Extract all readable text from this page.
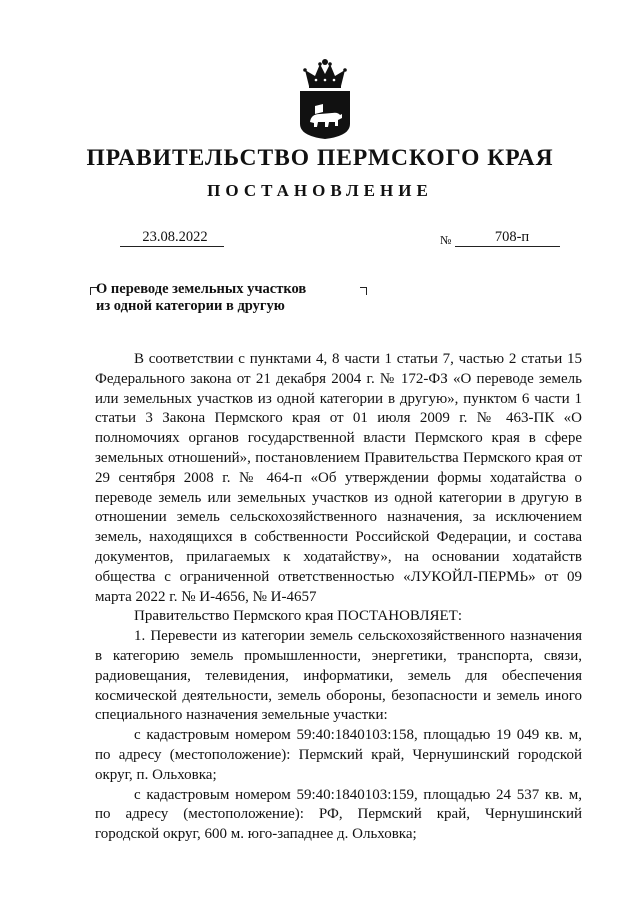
ПРАВИТЕЛЬСТВО ПЕРМСКОГО КРАЯ
ПОСТАНОВЛЕНИЕ
23.08.2022	№	708-п
О переводе земельных участков
из одной категории в другую

В соответствии с пунктами 4, 8 части 1 статьи 7, частью 2 статьи 15 Федерального закона от 21 декабря 2004 г. № 172-ФЗ «О переводе земель или земельных участков из одной категории в другую», пунктом 6 части 1 статьи 3 Закона Пермского края от 01 июля 2009 г. № 463-ПК «О полномочиях органов государственной власти Пермского края в сфере земельных отношений», постановлением Правительства Пермского края от 29 сентября 2008 г. № 464-п «Об утверждении формы ходатайства о переводе земель или земельных участков из одной категории в другую в отношении земель сельскохозяйственного назначения, за исключением земель, находящихся в собственности Российской Федерации, и состава документов, прилагаемых к ходатайству», на основании ходатайств общества с ограниченной ответственностью «ЛУКОЙЛ-ПЕРМЬ» от 09 марта 2022 г. № И-4656, № И-4657

Правительство Пермского края ПОСТАНОВЛЯЕТ:

1. Перевести из категории земель сельскохозяйственного назначения в категорию земель промышленности, энергетики, транспорта, связи, радиовещания, телевидения, информатики, земель для обеспечения космической деятельности, земель обороны, безопасности и земель иного специального назначения земельные участки:

с кадастровым номером 59:40:1840103:158, площадью 19 049 кв. м, по адресу (местоположение): Пермский край, Чернушинский городской округ, п. Ольховка;

с кадастровым номером 59:40:1840103:159, площадью 24 537 кв. м, по адресу (местоположение): РФ, Пермский край, Чернушинский городской округ, 600 м. юго-западнее д. Ольховка;
